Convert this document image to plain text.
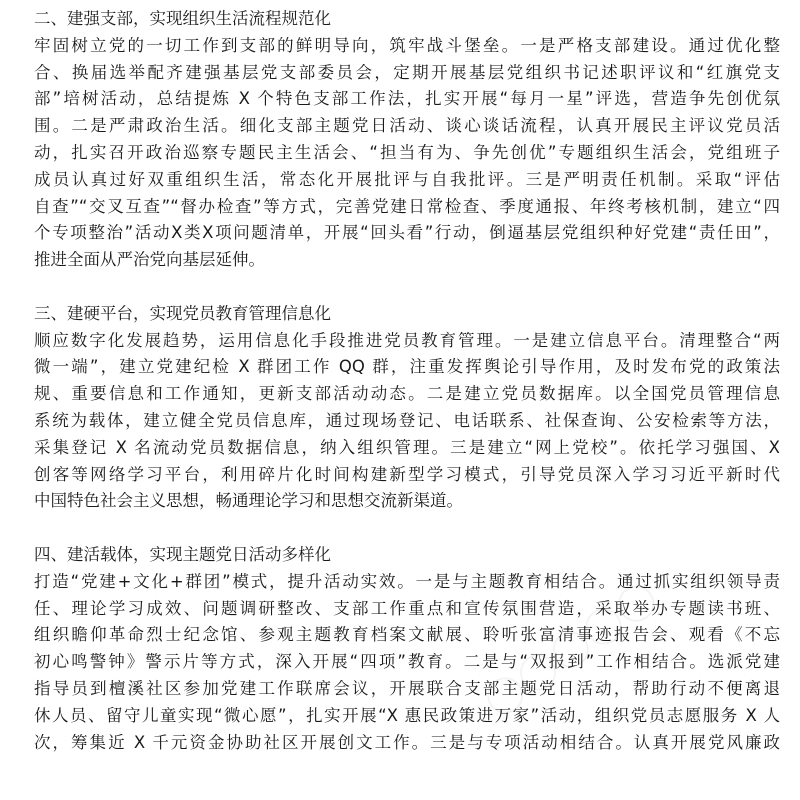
〇〇〇〇〇

二、建强支部，实现组织生活流程规范化

牢固树立党的一切工作到支部的鲜明导向，筑牢战斗堡垒。一是严格支部建设。通过优化整

合、换届选举配齐建强基层党支部委员会，定期开展基层党组织书记述职评议和“红旗党支

部”培树活动，总结提炼 X 个特色支部工作法，扎实开展“每月一星”评选，营造争先创优氛

围。二是严肃政治生活。细化支部主题党日活动、谈心谈话流程，认真开展民主评议党员活

动，扎实召开政治巡察专题民主生活会、“担当有为、争先创优”专题组织生活会，党组班子

成员认真过好双重组织生活，常态化开展批评与自我批评。三是严明责任机制。采取“评估

自查”“交叉互查”“督办检查”等方式，完善党建日常检查、季度通报、年终考核机制，建立“四

个专项整治”活动X类X项问题清单，开展“回头看”行动，倒逼基层党组织种好党建“责任田”，

推进全面从严治党向基层延伸。

三、建硬平台，实现党员教育管理信息化

顺应数字化发展趋势，运用信息化手段推进党员教育管理。一是建立信息平台。清理整合“两

微一端”，建立党建纪检 X 群团工作 QQ 群，注重发挥舆论引导作用，及时发布党的政策法

规、重要信息和工作通知，更新支部活动动态。二是建立党员数据库。以全国党员管理信息

系统为载体，建立健全党员信息库，通过现场登记、电话联系、社保查询、公安检索等方法，

采集登记 X 名流动党员数据信息，纳入组织管理。三是建立“网上党校”。依托学习强国、X

创客等网络学习平台，利用碎片化时间构建新型学习模式，引导党员深入学习习近平新时代

中国特色社会主义思想，畅通理论学习和思想交流新渠道。

四、建活载体，实现主题党日活动多样化

打造“党建+文化+群团”模式，提升活动实效。一是与主题教育相结合。通过抓实组织领导责

任、理论学习成效、问题调研整改、支部工作重点和宣传氛围营造，采取举办专题读书班、

组织瞻仰革命烈士纪念馆、参观主题教育档案文献展、聆听张富清事迹报告会、观看《不忘

初心鸣警钟》警示片等方式，深入开展“四项”教育。二是与“双报到”工作相结合。选派党建

指导员到檀溪社区参加党建工作联席会议，开展联合支部主题党日活动，帮助行动不便离退

休人员、留守儿童实现“微心愿”，扎实开展“X 惠民政策进万家”活动，组织党员志愿服务 X 人

次，筹集近 X 千元资金协助社区开展创文工作。三是与专项活动相结合。认真开展党风廉政
